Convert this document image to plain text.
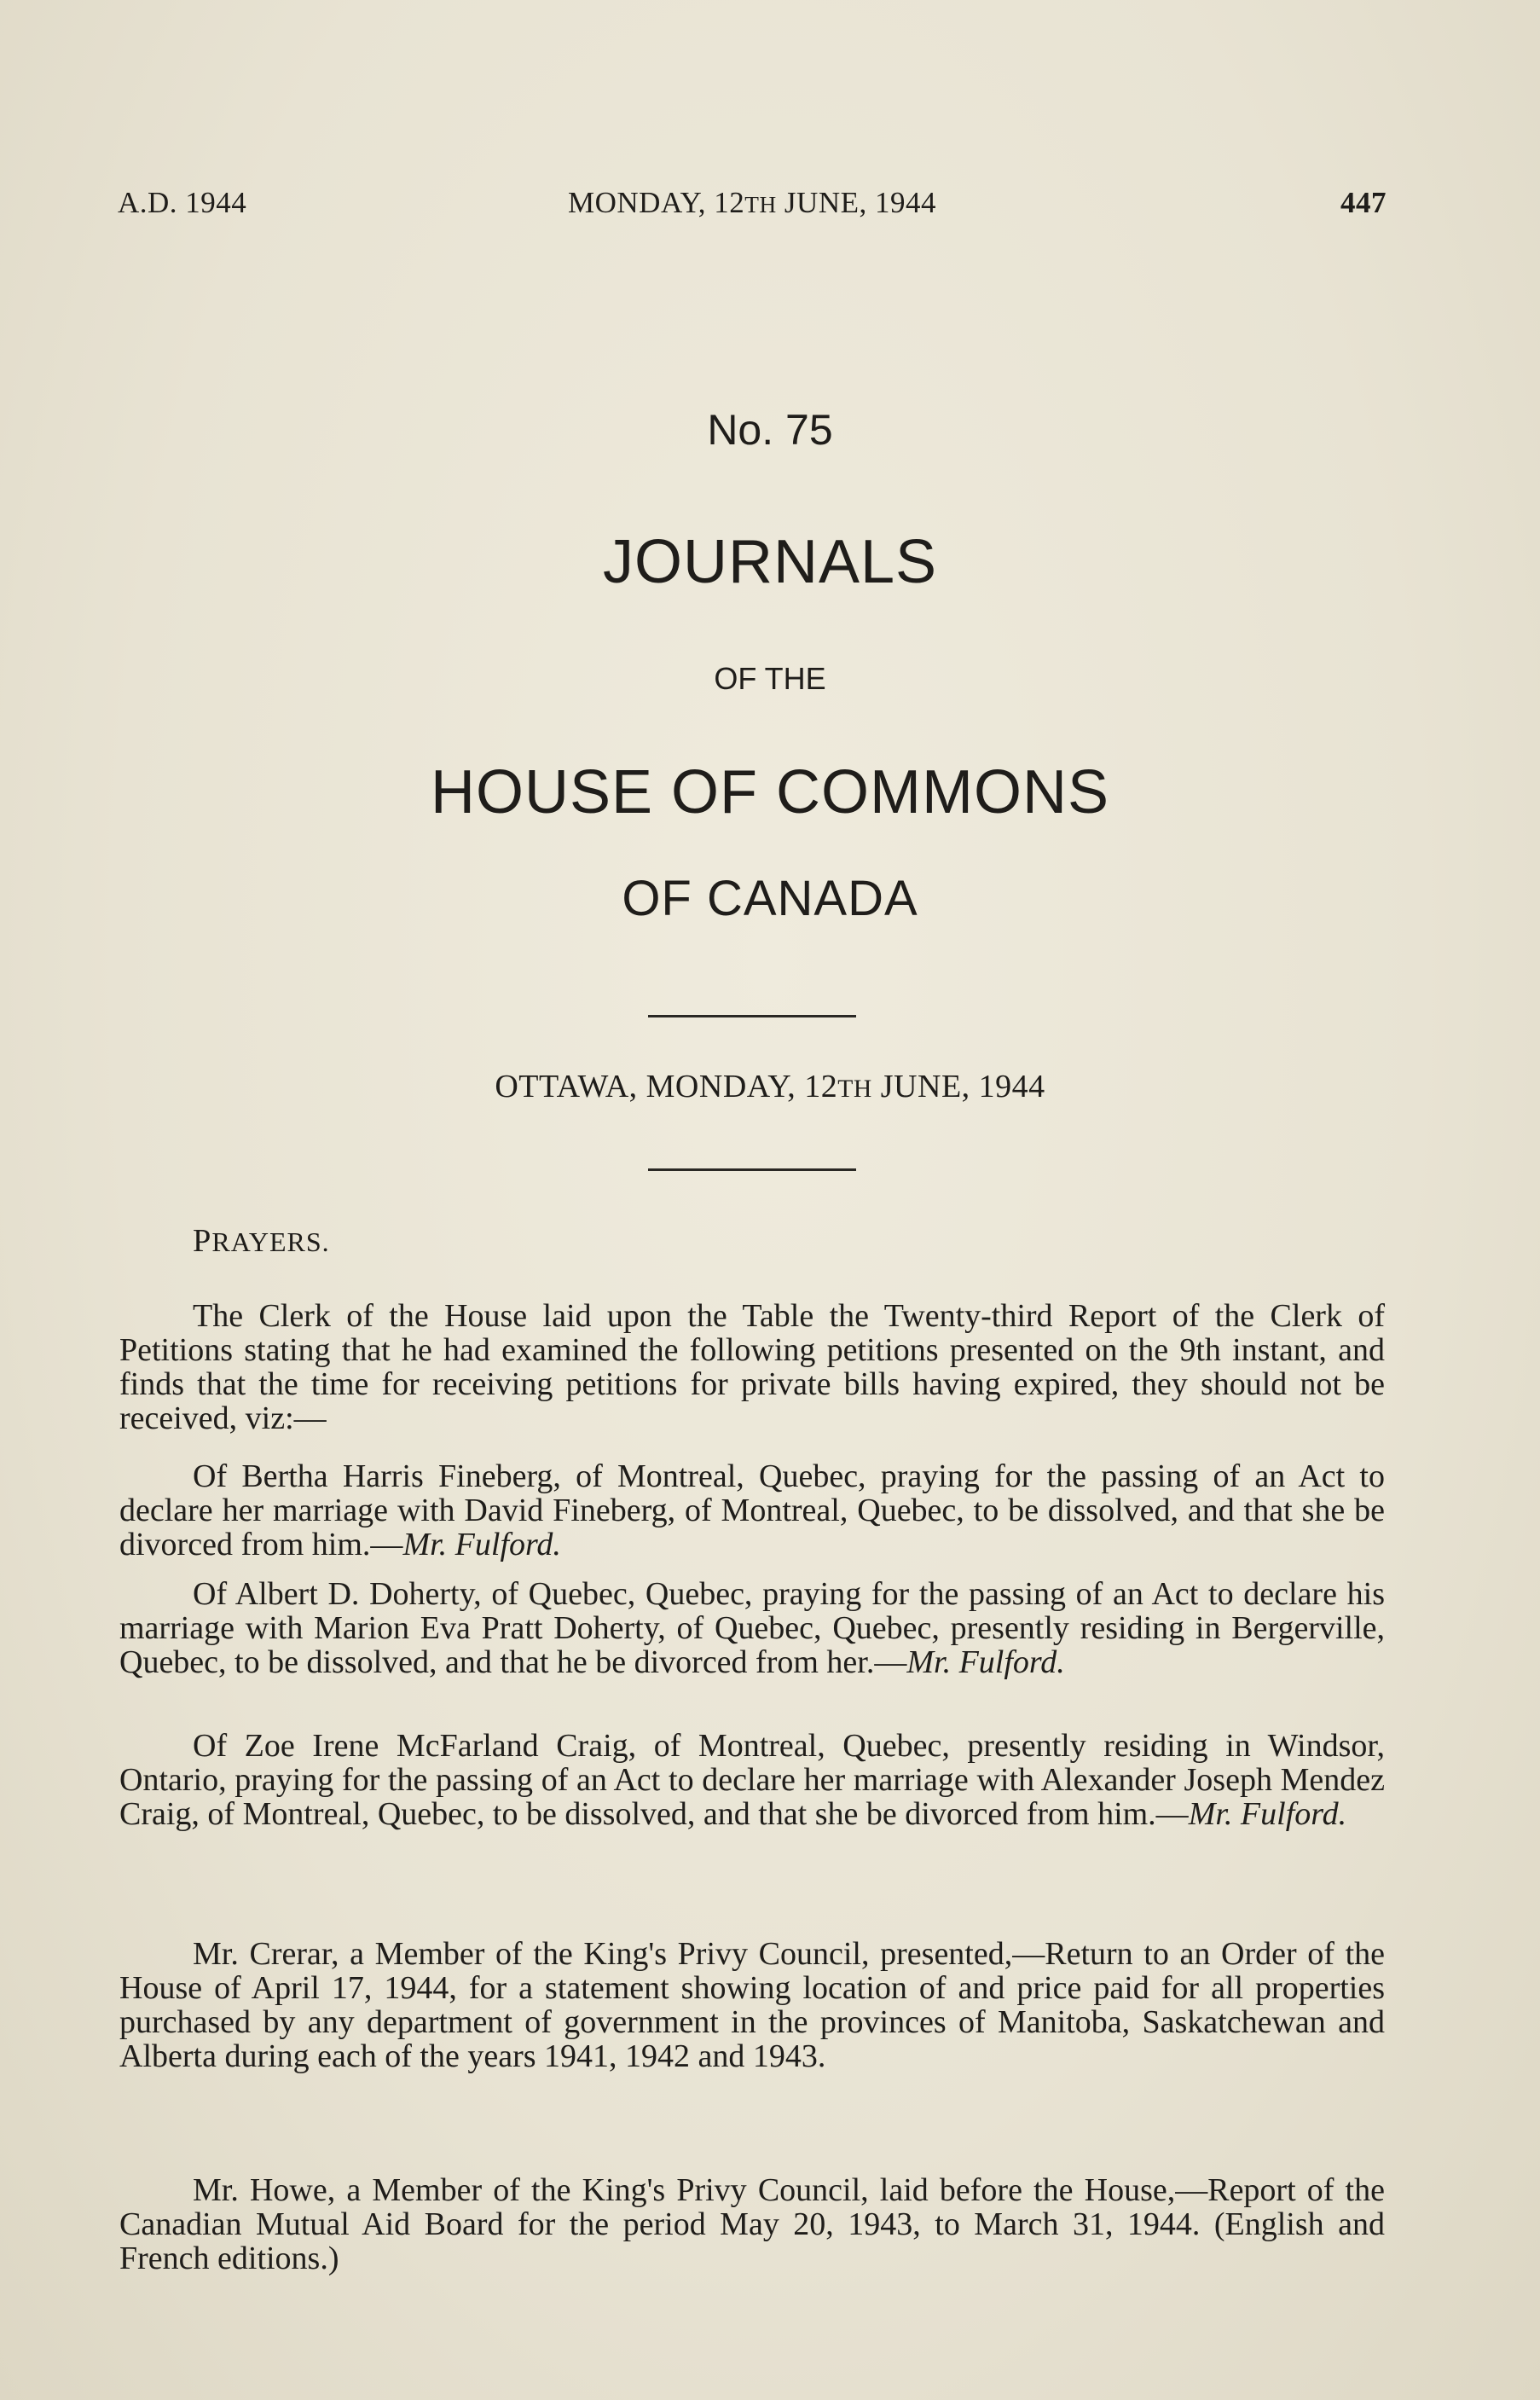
A.D. 1944	MONDAY, 12TH JUNE, 1944	447
No. 75
JOURNALS
OF THE
HOUSE OF COMMONS
OF CANADA
OTTAWA, MONDAY, 12TH JUNE, 1944
PRAYERS.

The Clerk of the House laid upon the Table the Twenty-third Report of the Clerk of Petitions stating that he had examined the following petitions presented on the 9th instant, and finds that the time for receiving petitions for private bills having expired, they should not be received, viz:—

Of Bertha Harris Fineberg, of Montreal, Quebec, praying for the passing of an Act to declare her marriage with David Fineberg, of Montreal, Quebec, to be dissolved, and that she be divorced from him.—Mr. Fulford.

Of Albert D. Doherty, of Quebec, Quebec, praying for the passing of an Act to declare his marriage with Marion Eva Pratt Doherty, of Quebec, Quebec, presently residing in Bergerville, Quebec, to be dissolved, and that he be divorced from her.—Mr. Fulford.

Of Zoe Irene McFarland Craig, of Montreal, Quebec, presently residing in Windsor, Ontario, praying for the passing of an Act to declare her marriage with Alexander Joseph Mendez Craig, of Montreal, Quebec, to be dissolved, and that she be divorced from him.—Mr. Fulford.

Mr. Crerar, a Member of the King's Privy Council, presented,—Return to an Order of the House of April 17, 1944, for a statement showing location of and price paid for all properties purchased by any department of government in the provinces of Manitoba, Saskatchewan and Alberta during each of the years 1941, 1942 and 1943.

Mr. Howe, a Member of the King's Privy Council, laid before the House,—Report of the Canadian Mutual Aid Board for the period May 20, 1943, to March 31, 1944. (English and French editions.)
